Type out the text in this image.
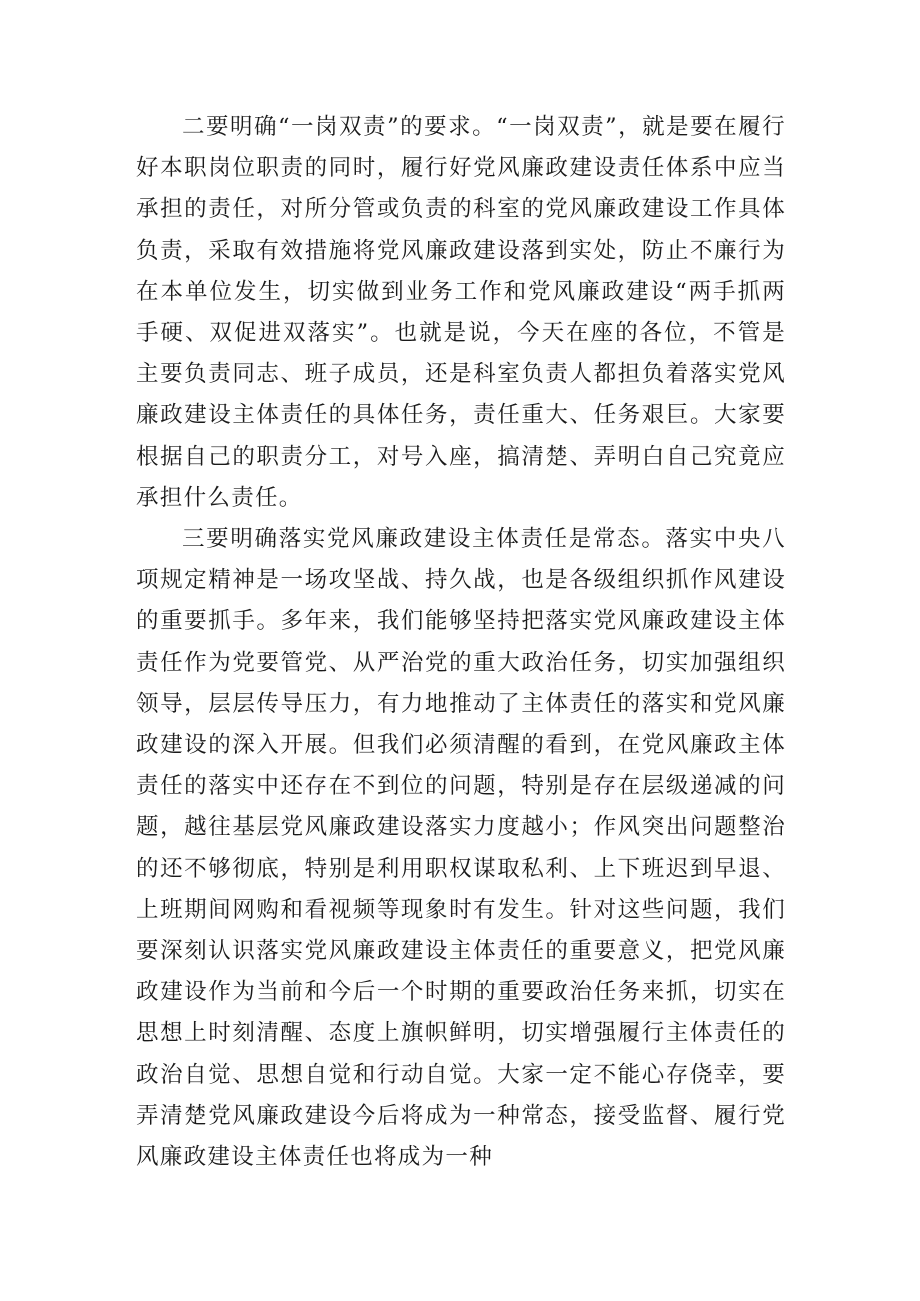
二要明确“一岗双责”的要求。“一岗双责”，就是要在履行好本职岗位职责的同时，履行好党风廉政建设责任体系中应当承担的责任，对所分管或负责的科室的党风廉政建设工作具体负责，采取有效措施将党风廉政建设落到实处，防止不廉行为在本单位发生，切实做到业务工作和党风廉政建设“两手抓两手硬、双促进双落实”。也就是说，今天在座的各位，不管是主要负责同志、班子成员，还是科室负责人都担负着落实党风廉政建设主体责任的具体任务，责任重大、任务艰巨。大家要根据自己的职责分工，对号入座，搞清楚、弄明白自己究竟应承担什么责任。

三要明确落实党风廉政建设主体责任是常态。落实中央八项规定精神是一场攻坚战、持久战，也是各级组织抓作风建设的重要抓手。多年来，我们能够坚持把落实党风廉政建设主体责任作为党要管党、从严治党的重大政治任务，切实加强组织领导，层层传导压力，有力地推动了主体责任的落实和党风廉政建设的深入开展。但我们必须清醒的看到，在党风廉政主体责任的落实中还存在不到位的问题，特别是存在层级递减的问题，越往基层党风廉政建设落实力度越小；作风突出问题整治的还不够彻底，特别是利用职权谋取私利、上下班迟到早退、上班期间网购和看视频等现象时有发生。针对这些问题，我们要深刻认识落实党风廉政建设主体责任的重要意义，把党风廉政建设作为当前和今后一个时期的重要政治任务来抓，切实在思想上时刻清醒、态度上旗帜鲜明，切实增强履行主体责任的政治自觉、思想自觉和行动自觉。大家一定不能心存侥幸，要弄清楚党风廉政建设今后将成为一种常态，接受监督、履行党风廉政建设主体责任也将成为一种
